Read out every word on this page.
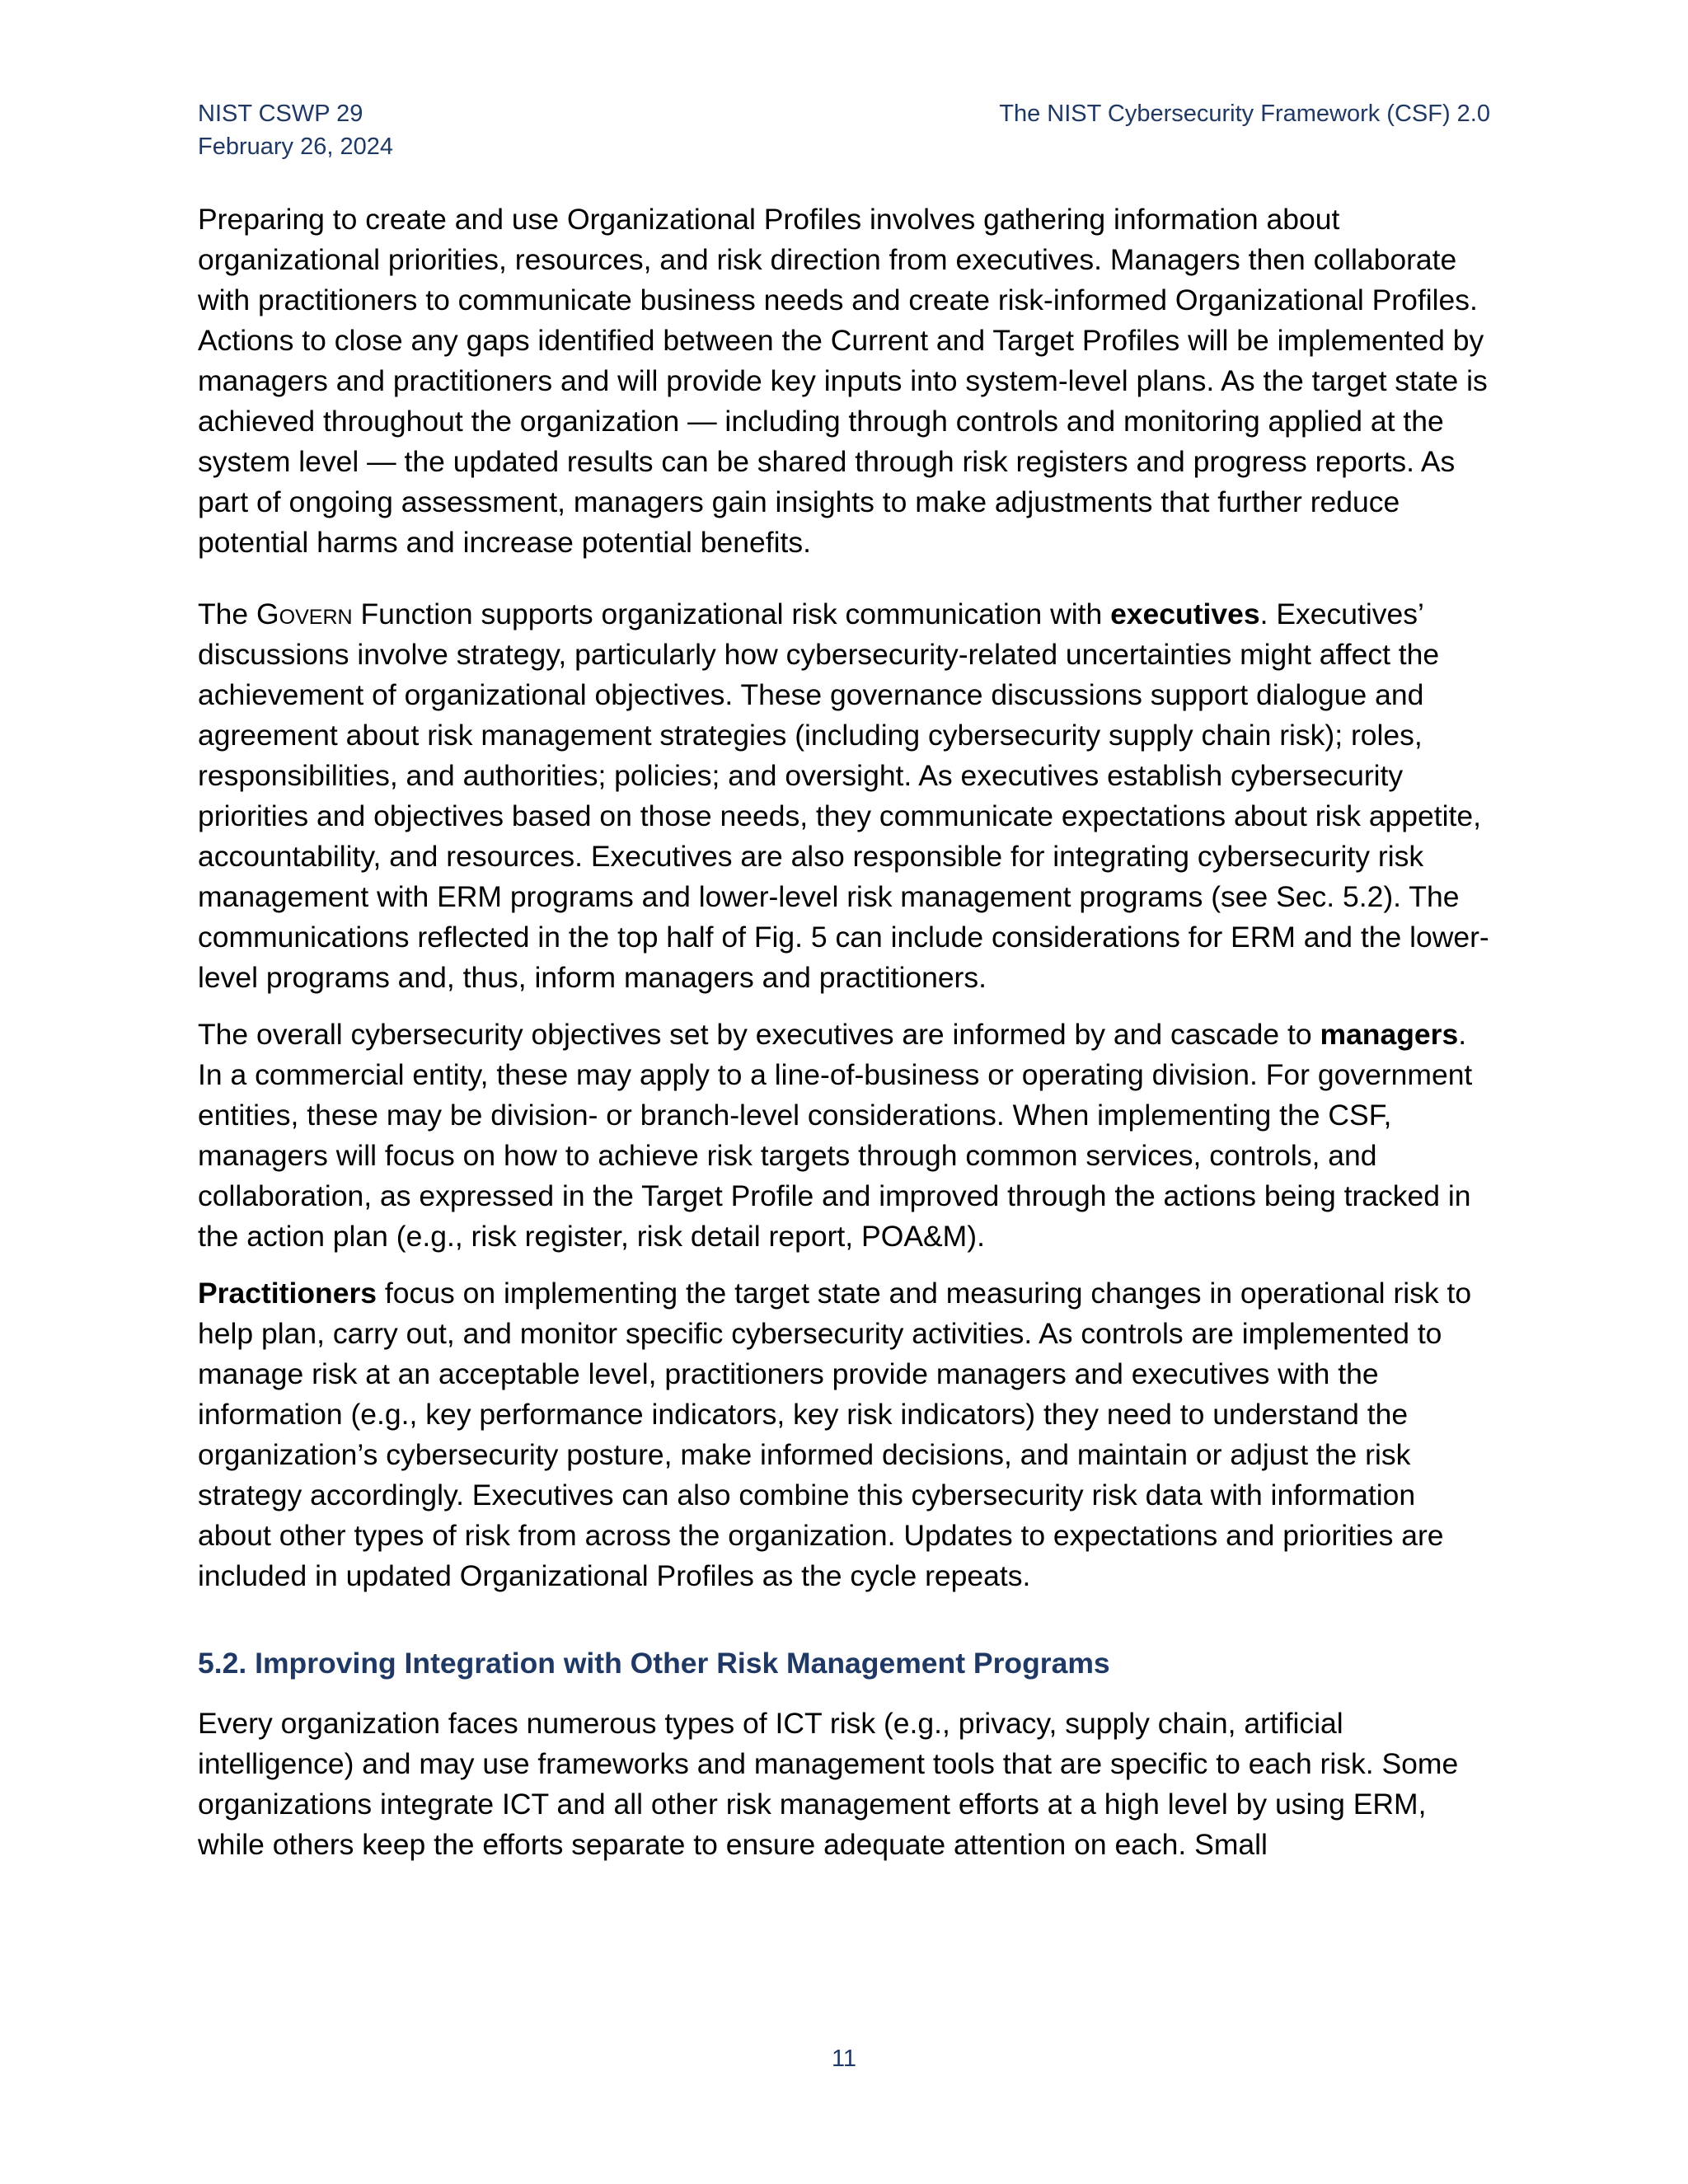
NIST CSWP 29
February 26, 2024
The NIST Cybersecurity Framework (CSF) 2.0

Preparing to create and use Organizational Profiles involves gathering information about organizational priorities, resources, and risk direction from executives. Managers then collaborate with practitioners to communicate business needs and create risk-informed Organizational Profiles. Actions to close any gaps identified between the Current and Target Profiles will be implemented by managers and practitioners and will provide key inputs into system-level plans. As the target state is achieved throughout the organization — including through controls and monitoring applied at the system level — the updated results can be shared through risk registers and progress reports. As part of ongoing assessment, managers gain insights to make adjustments that further reduce potential harms and increase potential benefits.

The Govern Function supports organizational risk communication with executives. Executives’ discussions involve strategy, particularly how cybersecurity-related uncertainties might affect the achievement of organizational objectives. These governance discussions support dialogue and agreement about risk management strategies (including cybersecurity supply chain risk); roles, responsibilities, and authorities; policies; and oversight. As executives establish cybersecurity priorities and objectives based on those needs, they communicate expectations about risk appetite, accountability, and resources. Executives are also responsible for integrating cybersecurity risk management with ERM programs and lower-level risk management programs (see Sec. 5.2). The communications reflected in the top half of Fig. 5 can include considerations for ERM and the lower-level programs and, thus, inform managers and practitioners.

The overall cybersecurity objectives set by executives are informed by and cascade to managers. In a commercial entity, these may apply to a line-of-business or operating division. For government entities, these may be division- or branch-level considerations. When implementing the CSF, managers will focus on how to achieve risk targets through common services, controls, and collaboration, as expressed in the Target Profile and improved through the actions being tracked in the action plan (e.g., risk register, risk detail report, POA&M).

Practitioners focus on implementing the target state and measuring changes in operational risk to help plan, carry out, and monitor specific cybersecurity activities. As controls are implemented to manage risk at an acceptable level, practitioners provide managers and executives with the information (e.g., key performance indicators, key risk indicators) they need to understand the organization’s cybersecurity posture, make informed decisions, and maintain or adjust the risk strategy accordingly. Executives can also combine this cybersecurity risk data with information about other types of risk from across the organization. Updates to expectations and priorities are included in updated Organizational Profiles as the cycle repeats.

5.2. Improving Integration with Other Risk Management Programs

Every organization faces numerous types of ICT risk (e.g., privacy, supply chain, artificial intelligence) and may use frameworks and management tools that are specific to each risk. Some organizations integrate ICT and all other risk management efforts at a high level by using ERM, while others keep the efforts separate to ensure adequate attention on each. Small

11
